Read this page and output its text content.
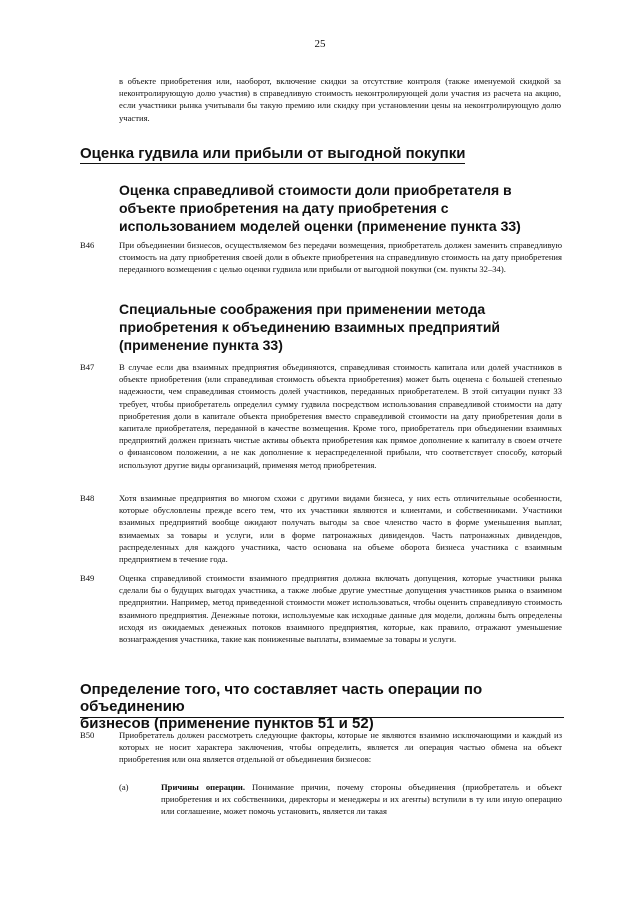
25
в объекте приобретения или, наоборот, включение скидки за отсутствие контроля (также именуемой скидкой за неконтролирующую долю участия) в справедливую стоимость неконтролирующей доли участия из расчета на акцию, если участники рынка учитывали бы такую премию или скидку при установлении цены на неконтролирующую долю участия.
Оценка гудвила или прибыли от выгодной покупки
Оценка справедливой стоимости доли приобретателя в объекте приобретения на дату приобретения с использованием моделей оценки (применение пункта 33)
B46	При объединении бизнесов, осуществляемом без передачи возмещения, приобретатель должен заменить справедливую стоимость на дату приобретения своей доли в объекте приобретения на справедливую стоимость на дату приобретения переданного возмещения с целью оценки гудвила или прибыли от выгодной покупки (см. пункты 32–34).
Специальные соображения при применении метода приобретения к объединению взаимных предприятий (применение пункта 33)
B47	В случае если два взаимных предприятия объединяются, справедливая стоимость капитала или долей участников в объекте приобретения (или справедливая стоимость объекта приобретения) может быть оценена с большей степенью надежности, чем справедливая стоимость долей участников, переданных приобретателем. В этой ситуации пункт 33 требует, чтобы приобретатель определил сумму гудвила посредством использования справедливой стоимости на дату приобретения доли в капитале объекта приобретения вместо справедливой стоимости на дату приобретения доли в капитале приобретателя, переданной в качестве возмещения. Кроме того, приобретатель при объединении взаимных предприятий должен признать чистые активы объекта приобретения как прямое дополнение к капиталу в своем отчете о финансовом положении, а не как дополнение к нераспределенной прибыли, что соответствует способу, который используют другие виды организаций, применяя метод приобретения.
B48	Хотя взаимные предприятия во многом схожи с другими видами бизнеса, у них есть отличительные особенности, которые обусловлены прежде всего тем, что их участники являются и клиентами, и собственниками. Участники взаимных предприятий вообще ожидают получать выгоды за свое членство часто в форме уменьшения выплат, взимаемых за товары и услуги, или в форме патронажных дивидендов. Часть патронажных дивидендов, распределенных для каждого участника, часто основана на объеме оборота бизнеса участника с взаимным предприятием в течение года.
B49	Оценка справедливой стоимости взаимного предприятия должна включать допущения, которые участники рынка сделали бы о будущих выгодах участника, а также любые другие уместные допущения участников рынка о взаимном предприятии. Например, метод приведенной стоимости может использоваться, чтобы оценить справедливую стоимость взаимного предприятия. Денежные потоки, используемые как исходные данные для модели, должны быть определены исходя из ожидаемых денежных потоков взаимного предприятия, которые, как правило, отражают уменьшение вознаграждения участника, такие как пониженные выплаты, взимаемые за товары и услуги.
Определение того, что составляет часть операции по объединению
бизнесов (применение пунктов 51 и 52)
B50	Приобретатель должен рассмотреть следующие факторы, которые не являются взаимно исключающими и каждый из которых не носит характера заключения, чтобы определить, является ли операция частью обмена на объект приобретения или она является отдельной от объединения бизнесов:
(a)	Причины операции. Понимание причин, почему стороны объединения (приобретатель и объект приобретения и их собственники, директоры и менеджеры и их агенты) вступили в ту или иную операцию или соглашение, может помочь установить, является ли такая
